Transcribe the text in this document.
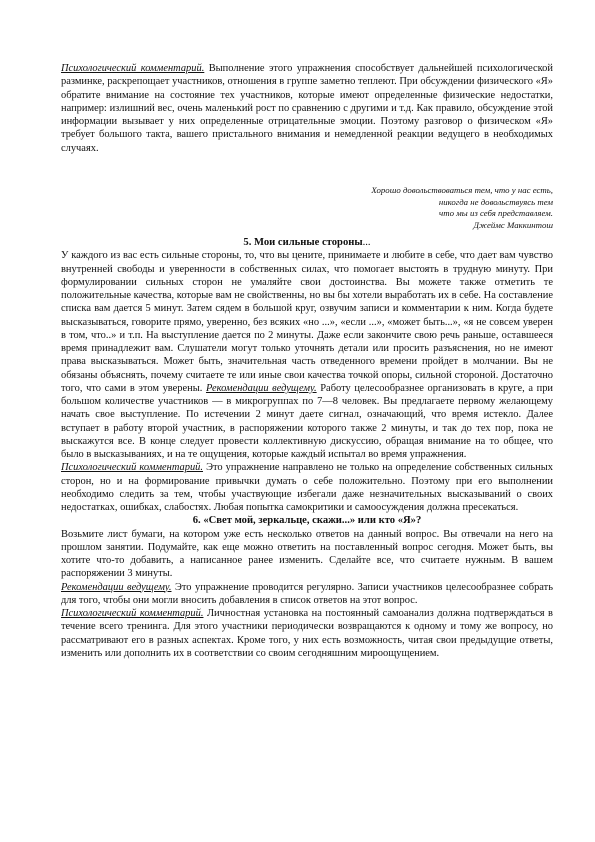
Психологический комментарий. Выполнение этого упражнения способствует дальнейшей психологической разминке, раскрепощает участников, отношения в группе заметно теплеют. При обсуждении физического «Я» обратите внимание на состояние тех участников, которые имеют определенные физические недостатки, например: излишний вес, очень маленький рост по сравнению с другими и т.д. Как правило, обсуждение этой информации вызывает у них определенные отрицательные эмоции. Поэтому разговор о физическом «Я» требует большого такта, вашего пристального внимания и немедленной реакции ведущего в необходимых случаях.

Хорошо довольствоваться тем, что у нас есть,
никогда не довольствуясь тем
что мы из себя представляем.
Джеймс Маккинтош
5. Мои сильные стороны...

У каждого из вас есть сильные стороны, то, что вы цените, принимаете и любите в себе, что дает вам чувство внутренней свободы и уверенности в собственных силах, что помогает выстоять в трудную минуту. При формулировании сильных сторон не умаляйте свои достоинства. Вы можете также отметить те положительные качества, которые вам не свойственны, но вы бы хотели выработать их в себе. На составление списка вам дается 5 минут. Затем сядем в большой круг, озвучим записи и комментарии к ним. Когда будете высказываться, говорите прямо, уверенно, без всяких «но ...», «если ...», «может быть...», «я не совсем уверен в том, что..» и т.п. На выступление дается по 2 минуты. Даже если закончите свою речь раньше, оставшееся время принадлежит вам. Слушатели могут только уточнять детали или просить разъяснения, но не имеют права высказываться. Может быть, значительная часть отведенного времени пройдет в молчании. Вы не обязаны объяснять, почему считаете те или иные свои качества точкой опоры, сильной стороной. Достаточно того, что сами в этом уверены. Рекомендации ведущему. Работу целесообразнее организовать в круге, а при большом количестве участников — в микрогруппах по 7—8 человек. Вы предлагаете первому желающему начать свое выступление. По истечении 2 минут даете сигнал, означающий, что время истекло. Далее вступает в работу второй участник, в распоряжении которого также 2 минуты, и так до тех пор, пока не выскажутся все. В конце следует провести коллективную дискуссию, обращая внимание на то общее, что было в высказываниях, и на те ощущения, которые каждый испытал во время упражнения.

Психологический комментарий. Это упражнение направлено не только на определение собственных сильных сторон, но и на формирование привычки думать о себе положительно. Поэтому при его выполнении необходимо следить за тем, чтобы участвующие избегали даже незначительных высказываний о своих недостатках, ошибках, слабостях. Любая попытка самокритики и самоосуждения должна пресекаться.

6. «Свет мой, зеркальце, скажи...» или кто «Я»?

Возьмите лист бумаги, на котором уже есть несколько ответов на данный вопрос. Вы отвечали на него на прошлом занятии. Подумайте, как еще можно ответить на поставленный вопрос сегодня. Может быть, вы хотите что-то добавить, а написанное ранее изменить. Сделайте все, что считаете нужным. В вашем распоряжении 3 минуты.

Рекомендации ведущему. Это упражнение проводится регулярно. Записи участников целесообразнее собрать для того, чтобы они могли вносить добавления в список ответов на этот вопрос.

Психологический комментарий. Личностная установка на постоянный самоанализ должна подтверждаться в течение всего тренинга. Для этого участники периодически возвращаются к одному и тому же вопросу, но рассматривают его в разных аспектах. Кроме того, у них есть возможность, читая свои предыдущие ответы, изменить или дополнить их в соответствии со своим сегодняшним мироощущением.
